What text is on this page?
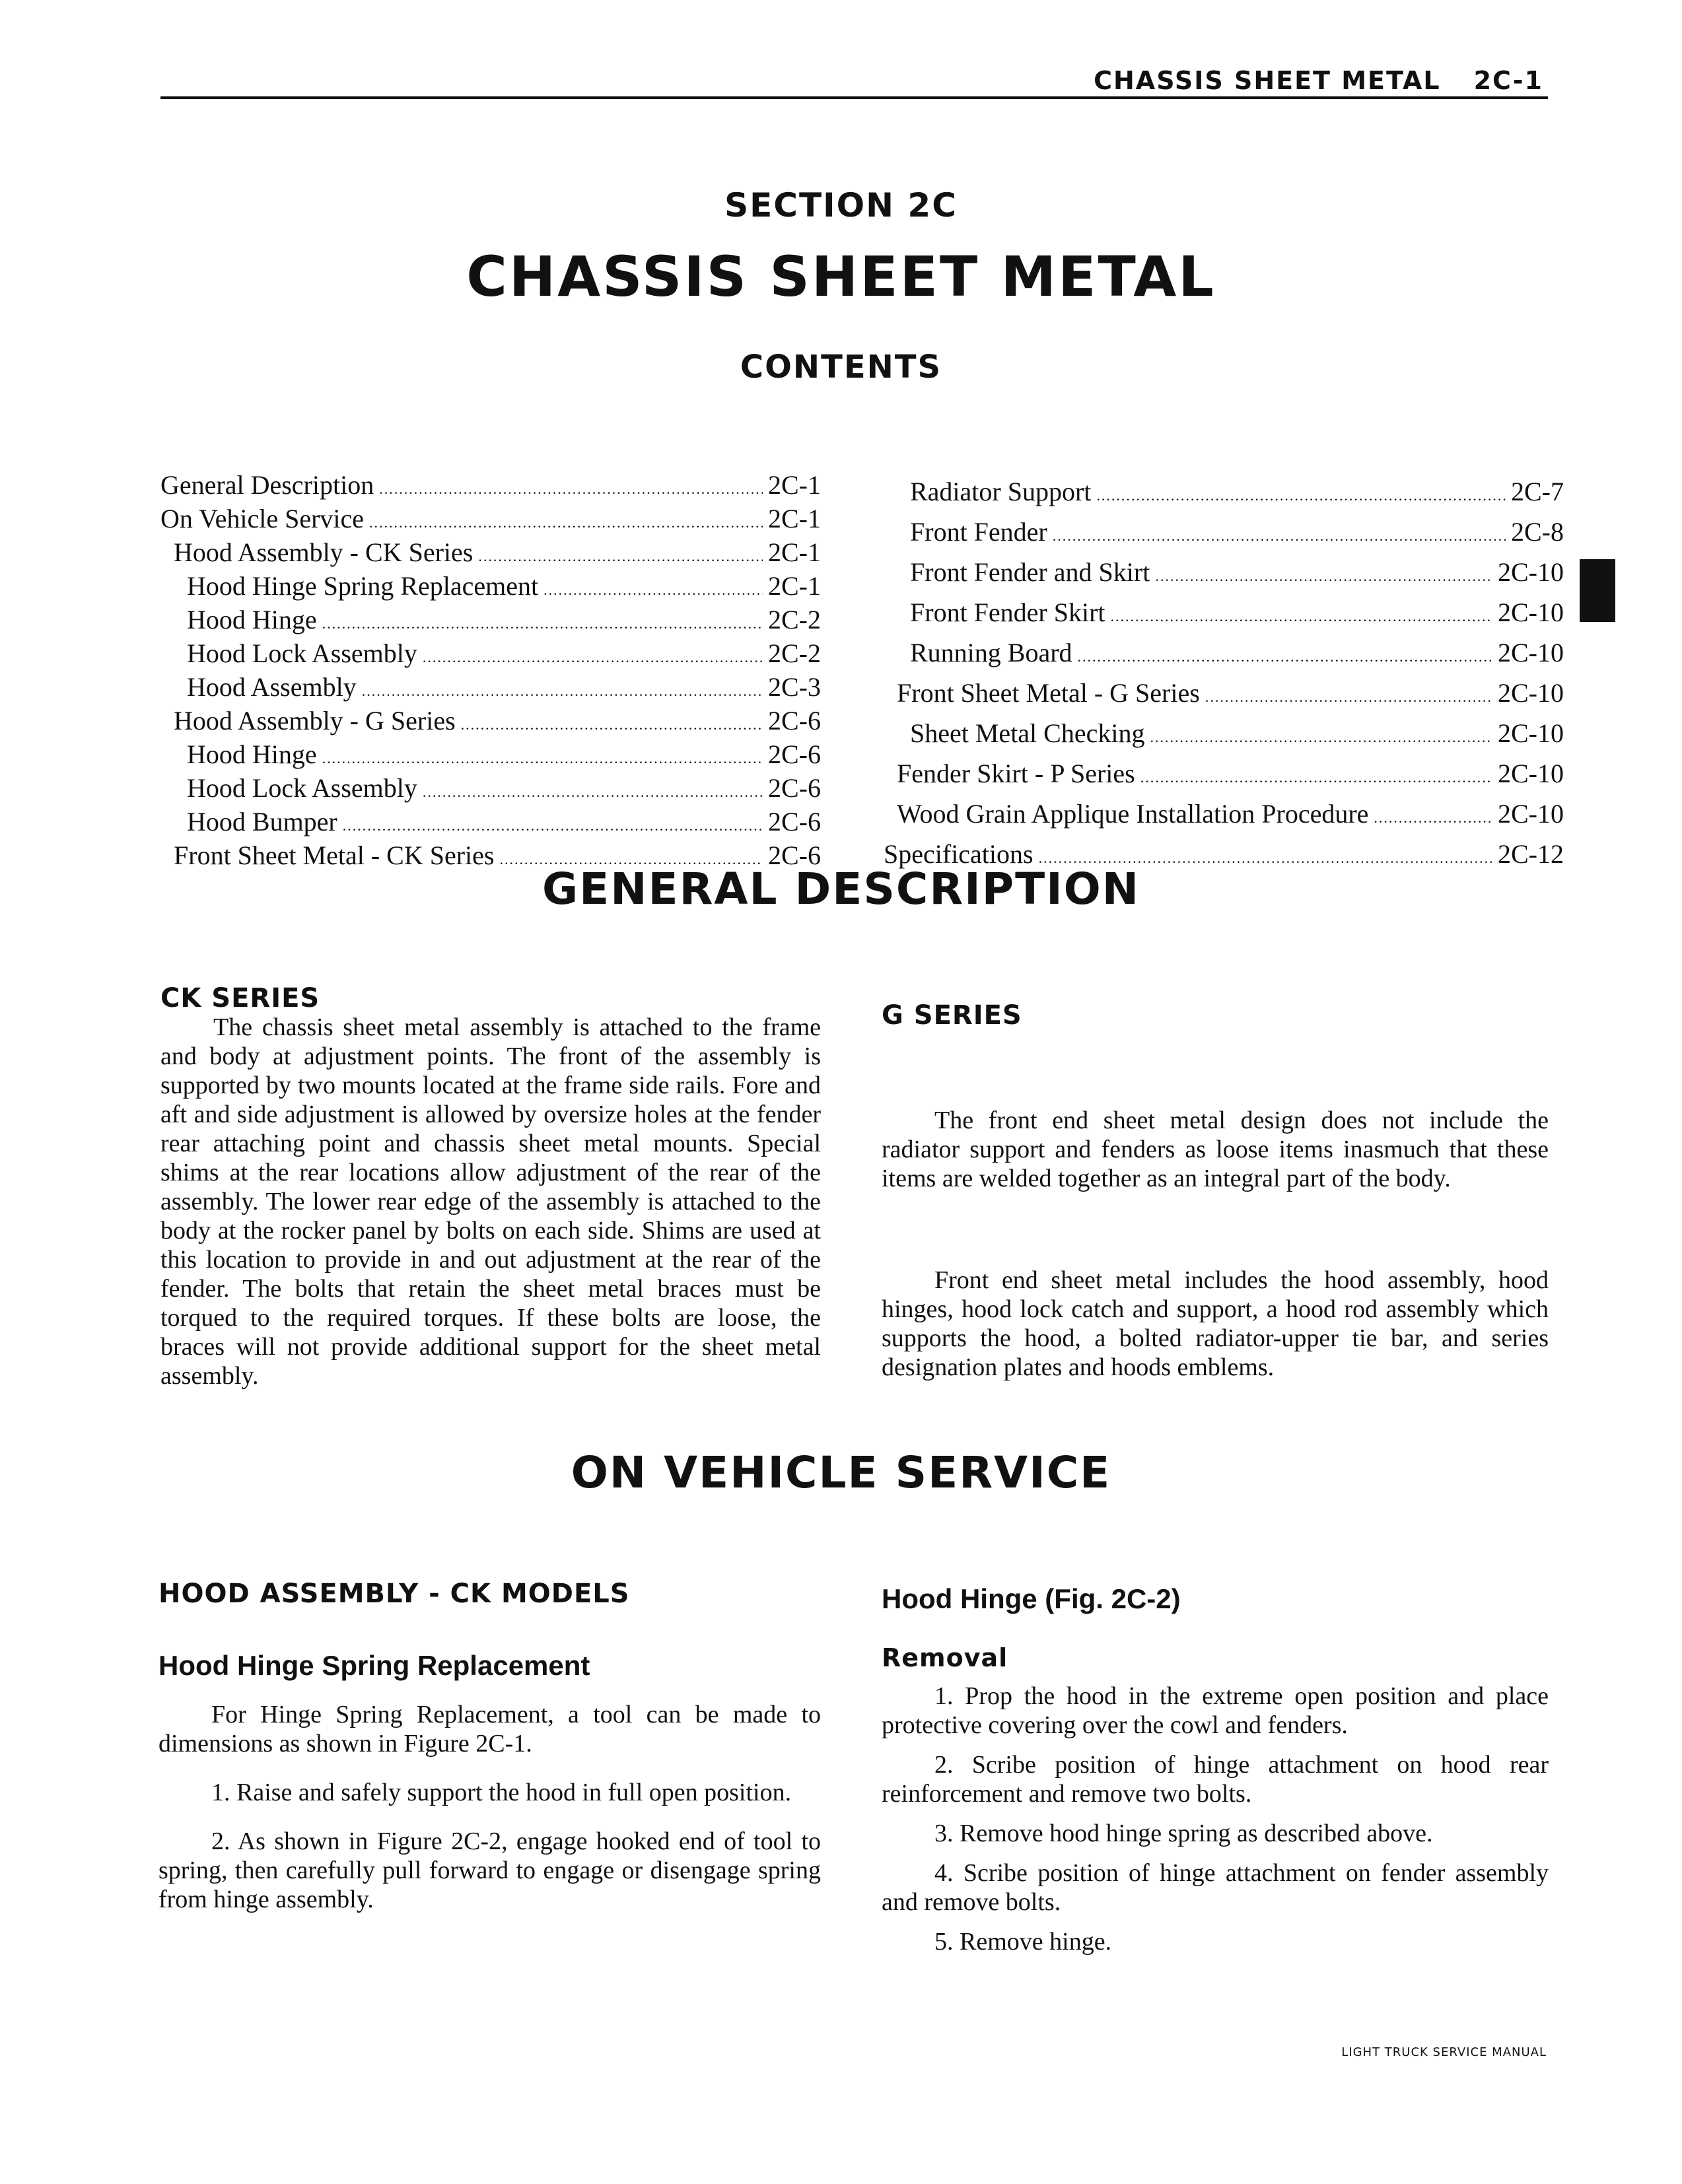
CHASSIS SHEET METAL 2C-1
SECTION 2C
CHASSIS SHEET METAL
CONTENTS
General Description .....	2C-1
On Vehicle Service .....	2C-1
Hood Assembly - CK Series .....	2C-1
Hood Hinge Spring Replacement .....	2C-1
Hood Hinge .....	2C-2
Hood Lock Assembly .....	2C-2
Hood Assembly .....	2C-3
Hood Assembly - G Series .....	2C-6
Hood Hinge .....	2C-6
Hood Lock Assembly .....	2C-6
Hood Bumper .....	2C-6
Front Sheet Metal - CK Series .....	2C-6
Radiator Support .....	2C-7
Front Fender .....	2C-8
Front Fender and Skirt .....	2C-10
Front Fender Skirt .....	2C-10
Running Board .....	2C-10
Front Sheet Metal - G Series .....	2C-10
Sheet Metal Checking .....	2C-10
Fender Skirt - P Series .....	2C-10
Wood Grain Applique Installation Procedure .....	2C-10
Specifications .....	2C-12
GENERAL DESCRIPTION
CK SERIES

The chassis sheet metal assembly is attached to the frame and body at adjustment points. The front of the assembly is supported by two mounts located at the frame side rails. Fore and aft and side adjustment is allowed by oversize holes at the fender rear attaching point and chassis sheet metal mounts. Special shims at the rear locations allow adjustment of the rear of the assembly. The lower rear edge of the assembly is attached to the body at the rocker panel by bolts on each side. Shims are used at this location to provide in and out adjustment at the rear of the fender. The bolts that retain the sheet metal braces must be torqued to the required torques. If these bolts are loose, the braces will not provide additional support for the sheet metal assembly.

G SERIES

The front end sheet metal design does not include the radiator support and fenders as loose items inasmuch that these items are welded together as an integral part of the body.

Front end sheet metal includes the hood assembly, hood hinges, hood lock catch and support, a hood rod assembly which supports the hood, a bolted radiator-upper tie bar, and series designation plates and hoods emblems.

ON VEHICLE SERVICE
HOOD ASSEMBLY - CK MODELS
Hood Hinge Spring Replacement

For Hinge Spring Replacement, a tool can be made to dimensions as shown in Figure 2C-1.

1. Raise and safely support the hood in full open position.

2. As shown in Figure 2C-2, engage hooked end of tool to spring, then carefully pull forward to engage or disengage spring from hinge assembly.

Hood Hinge (Fig. 2C-2)
Removal

1. Prop the hood in the extreme open position and place protective covering over the cowl and fenders.

2. Scribe position of hinge attachment on hood rear reinforcement and remove two bolts.

3. Remove hood hinge spring as described above.

4. Scribe position of hinge attachment on fender assembly and remove bolts.

5. Remove hinge.

LIGHT TRUCK SERVICE MANUAL
